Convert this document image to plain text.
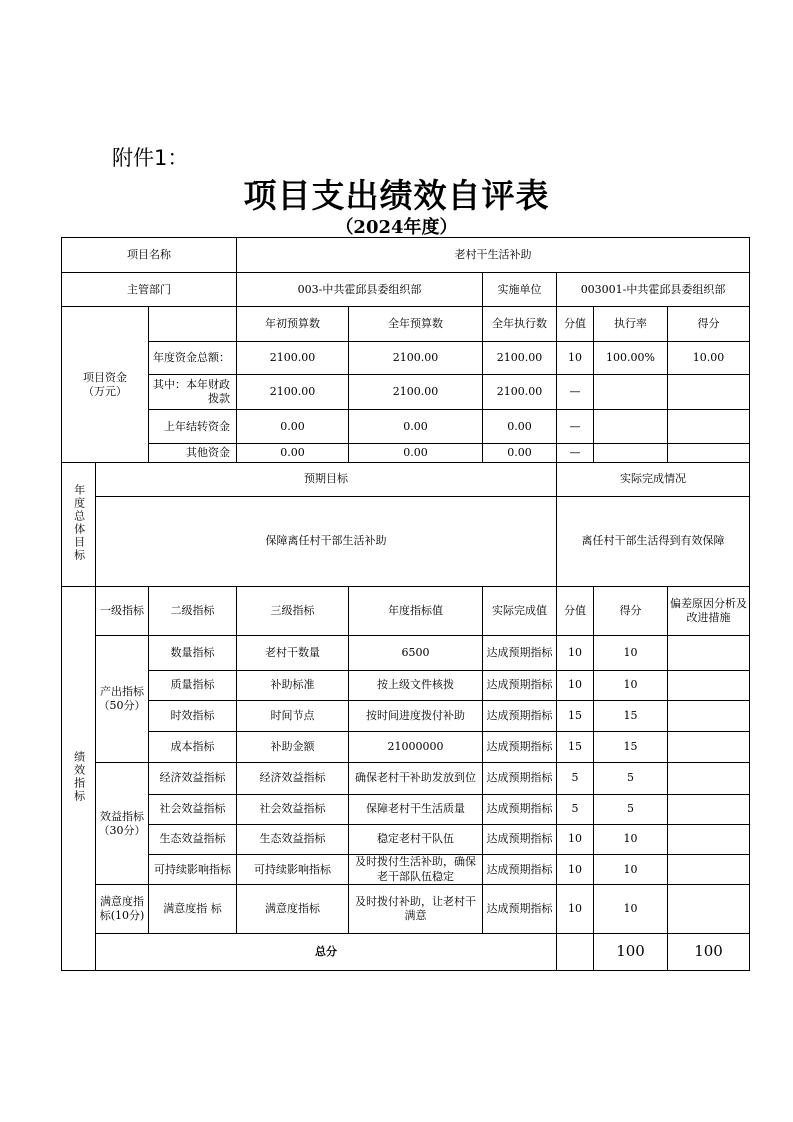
附件1：
项目支出绩效自评表
（2024年度）
项目名称			老村干生活补助						
主管部门			003-中共霍邱县委组织部		实施单位	003001-中共霍邱县委组织部			

项目资金
（万元）			年初预算数	全年预算数	全年执行数	分值	执行率	得分	
		年度资金总额：	2100.00	2100.00	2100.00	10	100.00%	10.00	
		其中：本年财政拨款	2100.00	2100.00	2100.00	—			
		上年结转资金	0.00	0.00	0.00	—			
		其他资金	0.00	0.00	0.00	—			
年度总体目标	预期目标					实际完成情况			
	保障离任村干部生活补助					离任村干部生活得到有效保障			
绩效指标	一级指标	二级指标	三级指标	年度指标值	实际完成值	分值	得分	偏差原因分析及改进措施	
	产出指标（50分）	数量指标	老村干数量	6500	达成预期指标	10	10		
		质量指标	补助标准	按上级文件核拨	达成预期指标	10	10		
		时效指标	时间节点	按时间进度拨付补助	达成预期指标	15	15		
		成本指标	补助金额	21000000	达成预期指标	15	15		
	效益指标（30分）	经济效益指标	经济效益指标	确保老村干补助发放到位	达成预期指标	5	5		
		社会效益指标	社会效益指标	保障老村干生活质量	达成预期指标	5	5		
		生态效益指标	生态效益指标	稳定老村干队伍	达成预期指标	10	10		
		可持续影响指标	可持续影响指标	及时拨付生活补助，确保老干部队伍稳定	达成预期指标	10	10		
	满意度指标(10分)	满意度指 标	满意度指标	及时拨付补助，让老村干满意	达成预期指标	10	10		
	总分						100	100	
